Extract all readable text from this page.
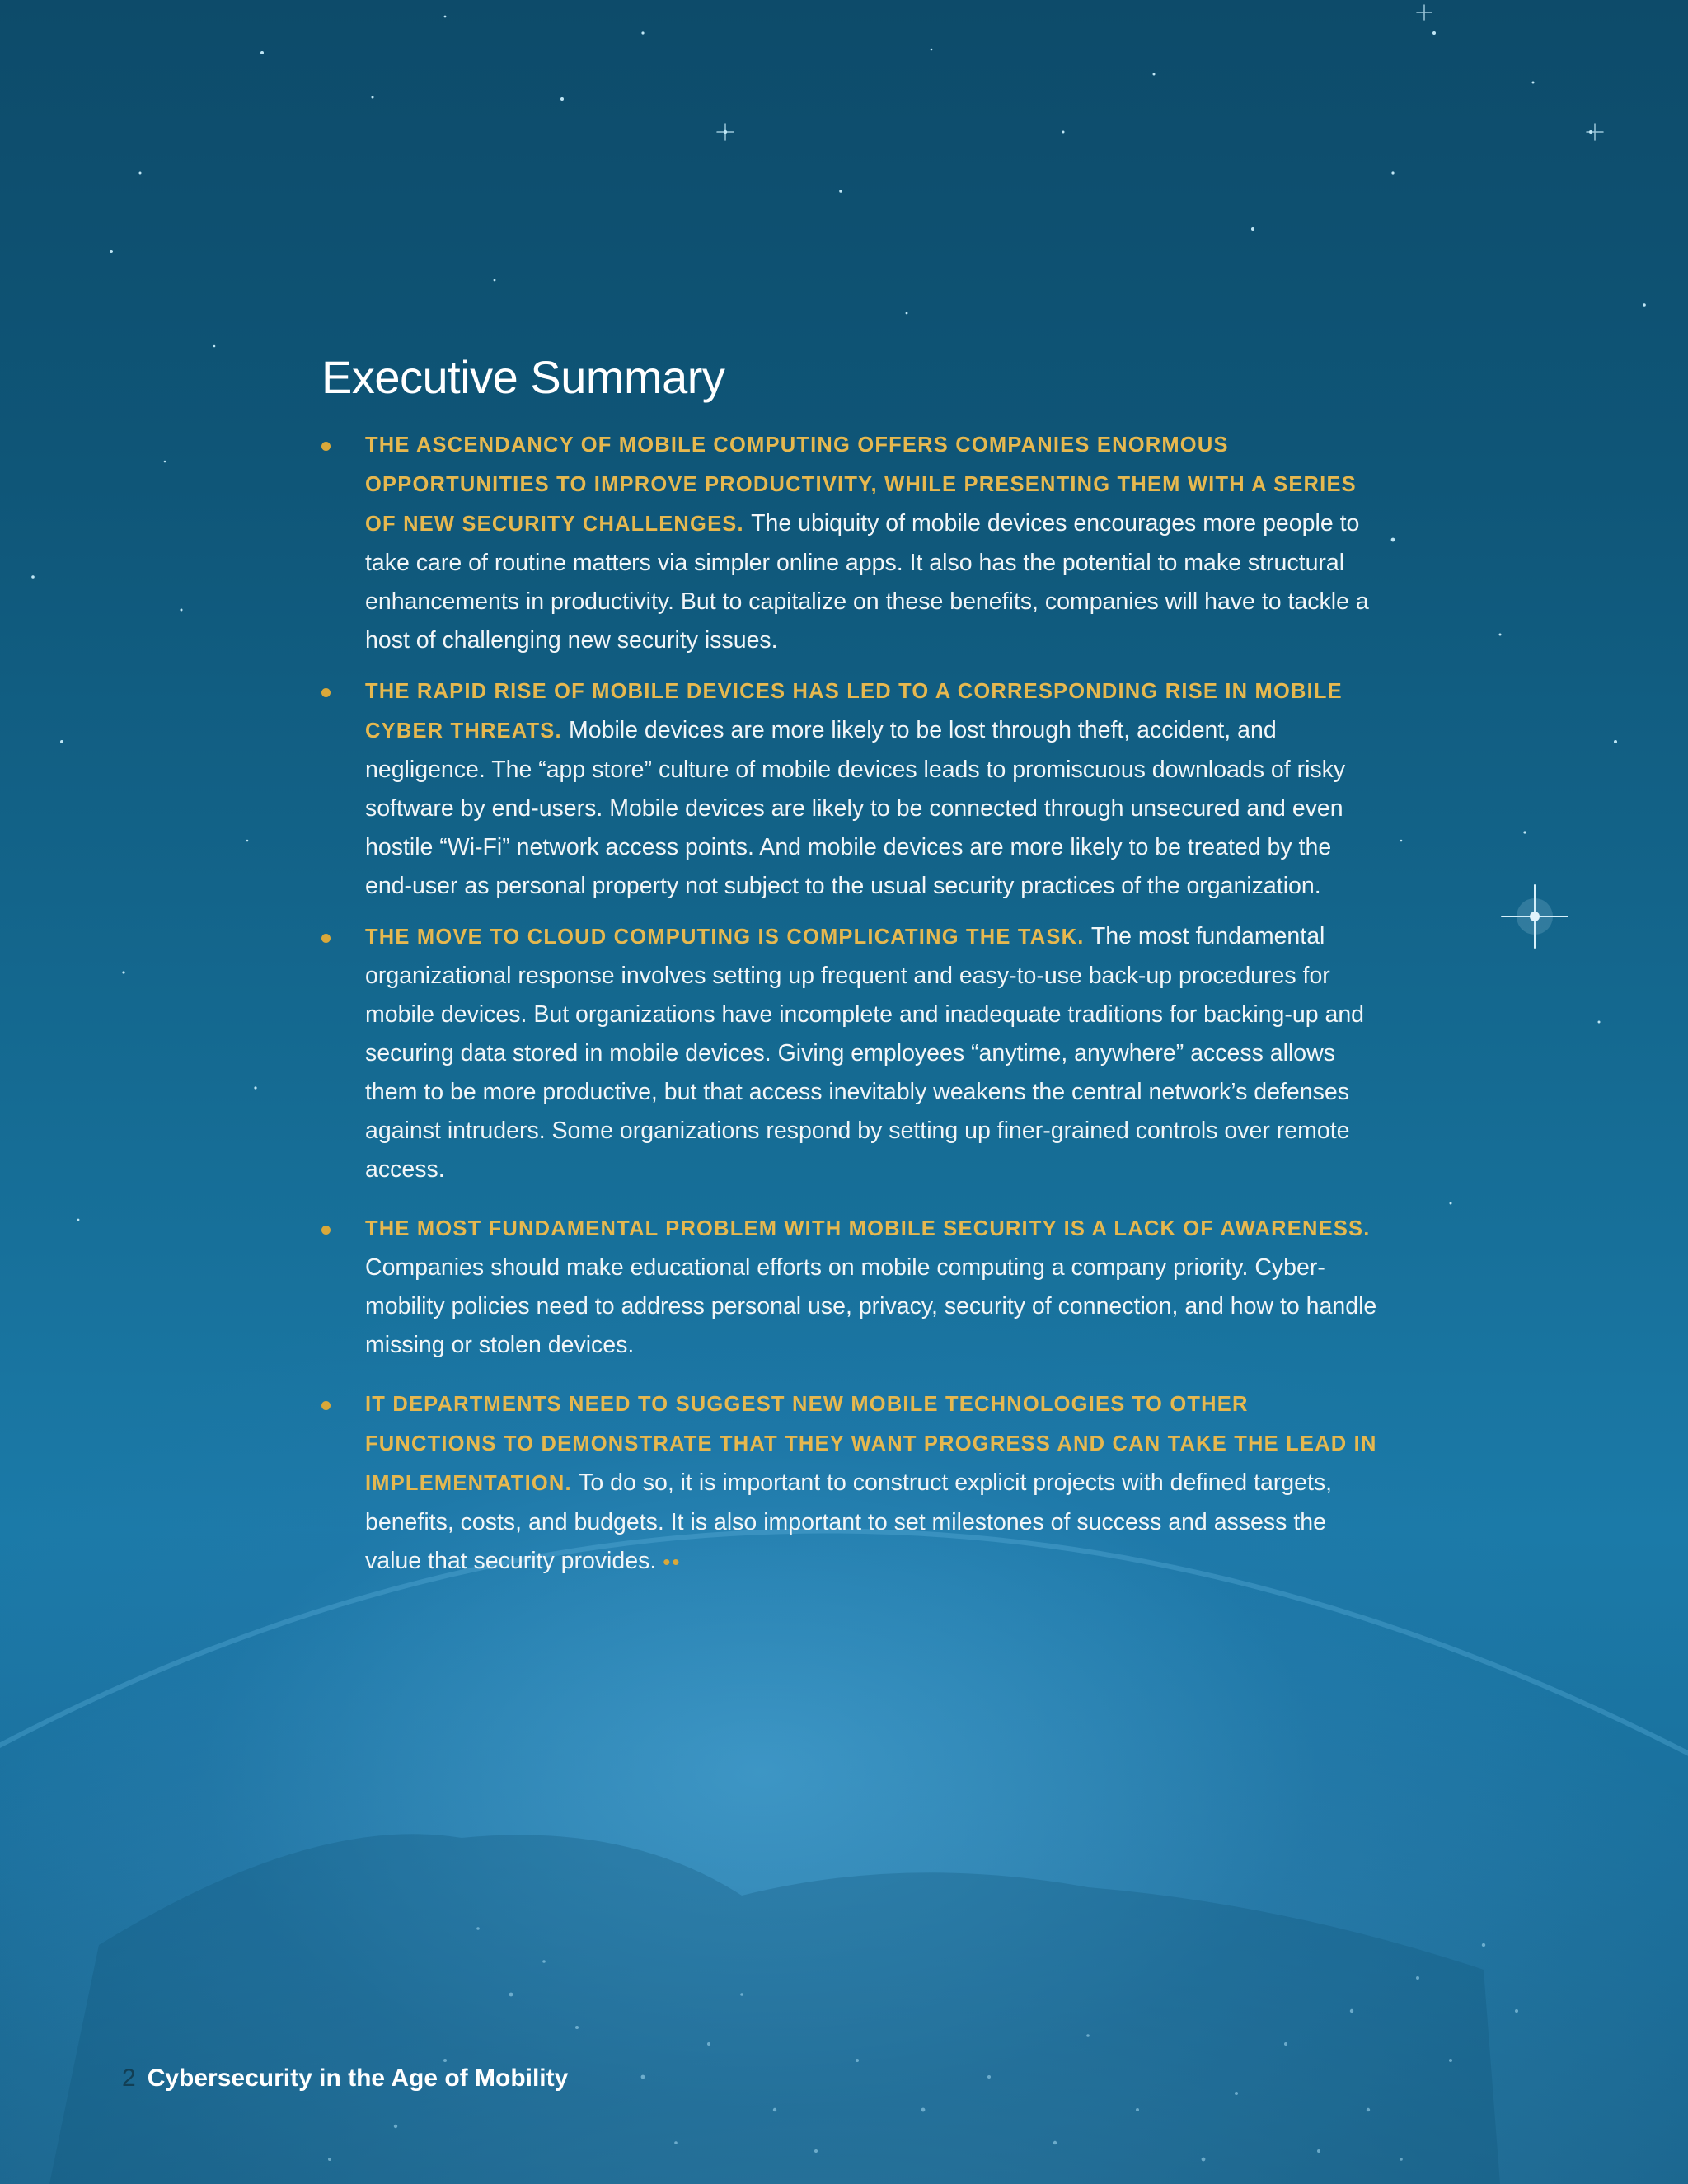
Executive Summary
THE ASCENDANCY OF MOBILE COMPUTING OFFERS COMPANIES ENORMOUS OPPORTUNITIES TO IMPROVE PRODUCTIVITY, WHILE PRESENTING THEM WITH A SERIES OF NEW SECURITY CHALLENGES. The ubiquity of mobile devices encourages more people to take care of routine matters via simpler online apps. It also has the potential to make structural enhancements in productivity. But to capitalize on these benefits, companies will have to tackle a host of challenging new security issues.
THE RAPID RISE OF MOBILE DEVICES HAS LED TO A CORRESPONDING RISE IN MOBILE CYBER THREATS. Mobile devices are more likely to be lost through theft, accident, and negligence. The “app store” culture of mobile devices leads to promiscuous downloads of risky software by end-users. Mobile devices are likely to be connected through unsecured and even hostile “Wi-Fi” network access points. And mobile devices are more likely to be treated by the end-user as personal property not subject to the usual security practices of the organization.
THE MOVE TO CLOUD COMPUTING IS COMPLICATING THE TASK. The most fundamental organizational response involves setting up frequent and easy-to-use back-up procedures for mobile devices. But organizations have incomplete and inadequate traditions for backing-up and securing data stored in mobile devices. Giving employees “anytime, anywhere” access allows them to be more productive, but that access inevitably weakens the central network’s defenses against intruders. Some organizations respond by setting up finer-grained controls over remote access.
THE MOST FUNDAMENTAL PROBLEM WITH MOBILE SECURITY IS A LACK OF AWARENESS. Companies should make educational efforts on mobile computing a company priority. Cyber-mobility policies need to address personal use, privacy, security of connection, and how to handle missing or stolen devices.
IT DEPARTMENTS NEED TO SUGGEST NEW MOBILE TECHNOLOGIES TO OTHER FUNCTIONS TO DEMONSTRATE THAT THEY WANT PROGRESS AND CAN TAKE THE LEAD IN IMPLEMENTATION. To do so, it is important to construct explicit projects with defined targets, benefits, costs, and budgets. It is also important to set milestones of success and assess the value that security provides. ••
2 Cybersecurity in the Age of Mobility
